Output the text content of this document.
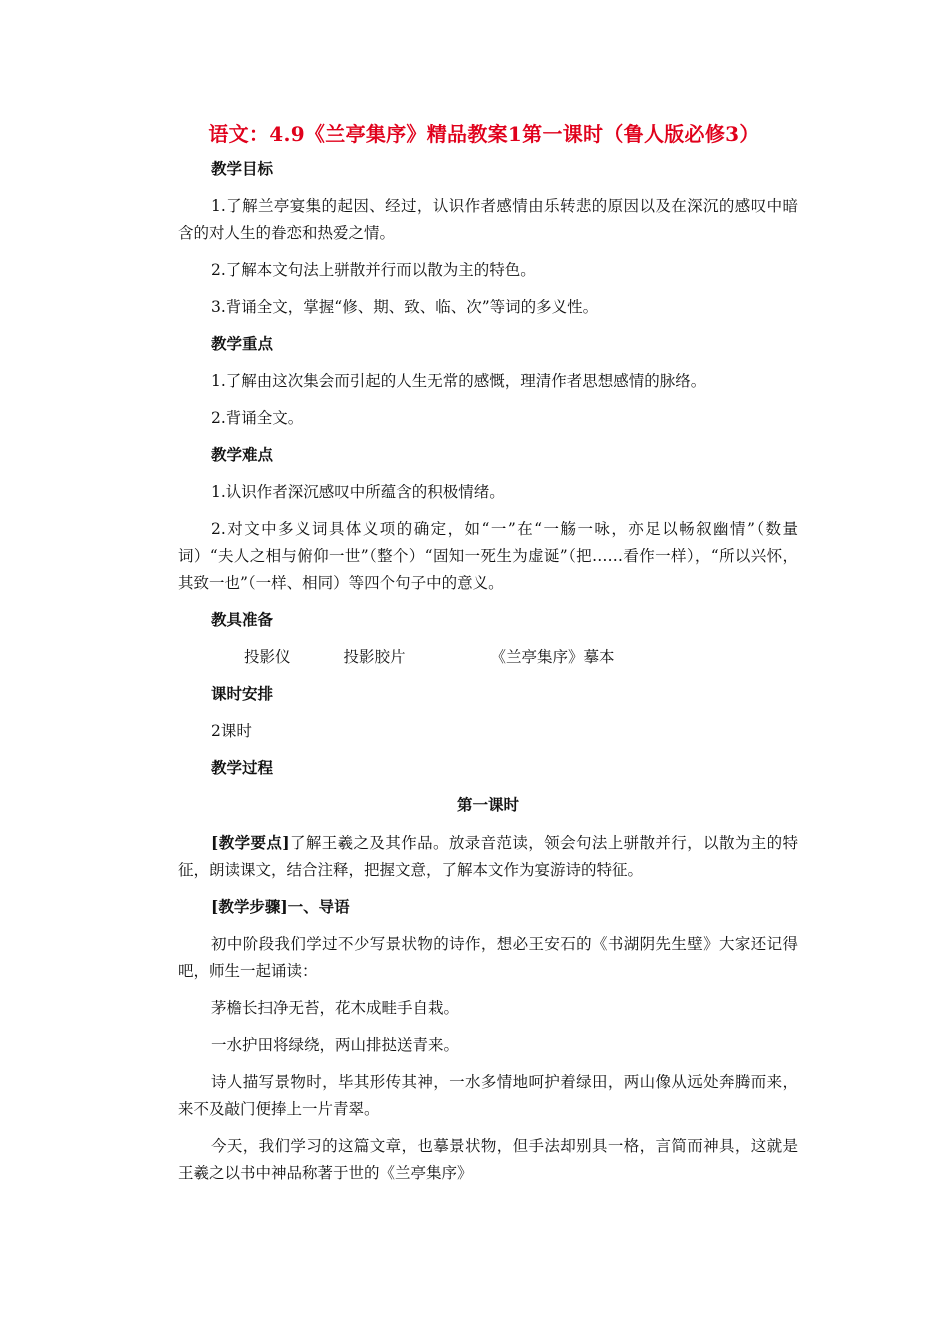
语文：4.9《兰亭集序》精品教案1第一课时（鲁人版必修3）
教学目标
1.了解兰亭宴集的起因、经过，认识作者感情由乐转悲的原因以及在深沉的感叹中暗含的对人生的眷恋和热爱之情。
2.了解本文句法上骈散并行而以散为主的特色。
3.背诵全文，掌握“修、期、致、临、次”等词的多义性。
教学重点
1.了解由这次集会而引起的人生无常的感慨，理清作者思想感情的脉络。
2.背诵全文。
教学难点
1.认识作者深沉感叹中所蕴含的积极情绪。
2.对文中多义词具体义项的确定，如“一”在“一觞一咏，亦足以畅叙幽情”（数量词）“夫人之相与俯仰一世”（整个）“固知一死生为虚诞”（把……看作一样），“所以兴怀，其致一也”（一样、相同）等四个句子中的意义。
教具准备
投影仪	投影胶片	《兰亭集序》摹本
课时安排
2课时
教学过程
第一课时
[教学要点]了解王羲之及其作品。放录音范读，领会句法上骈散并行，以散为主的特征，朗读课文，结合注释，把握文意，了解本文作为宴游诗的特征。
[教学步骤]一、导语
初中阶段我们学过不少写景状物的诗作，想必王安石的《书湖阴先生壁》大家还记得吧，师生一起诵读：
茅檐长扫净无苔，花木成畦手自栽。
一水护田将绿绕，两山排挞送青来。
诗人描写景物时，毕其形传其神，一水多情地呵护着绿田，两山像从远处奔腾而来，来不及敲门便捧上一片青翠。
今天，我们学习的这篇文章，也摹景状物，但手法却别具一格，言简而神具，这就是王羲之以书中神品称著于世的《兰亭集序》
